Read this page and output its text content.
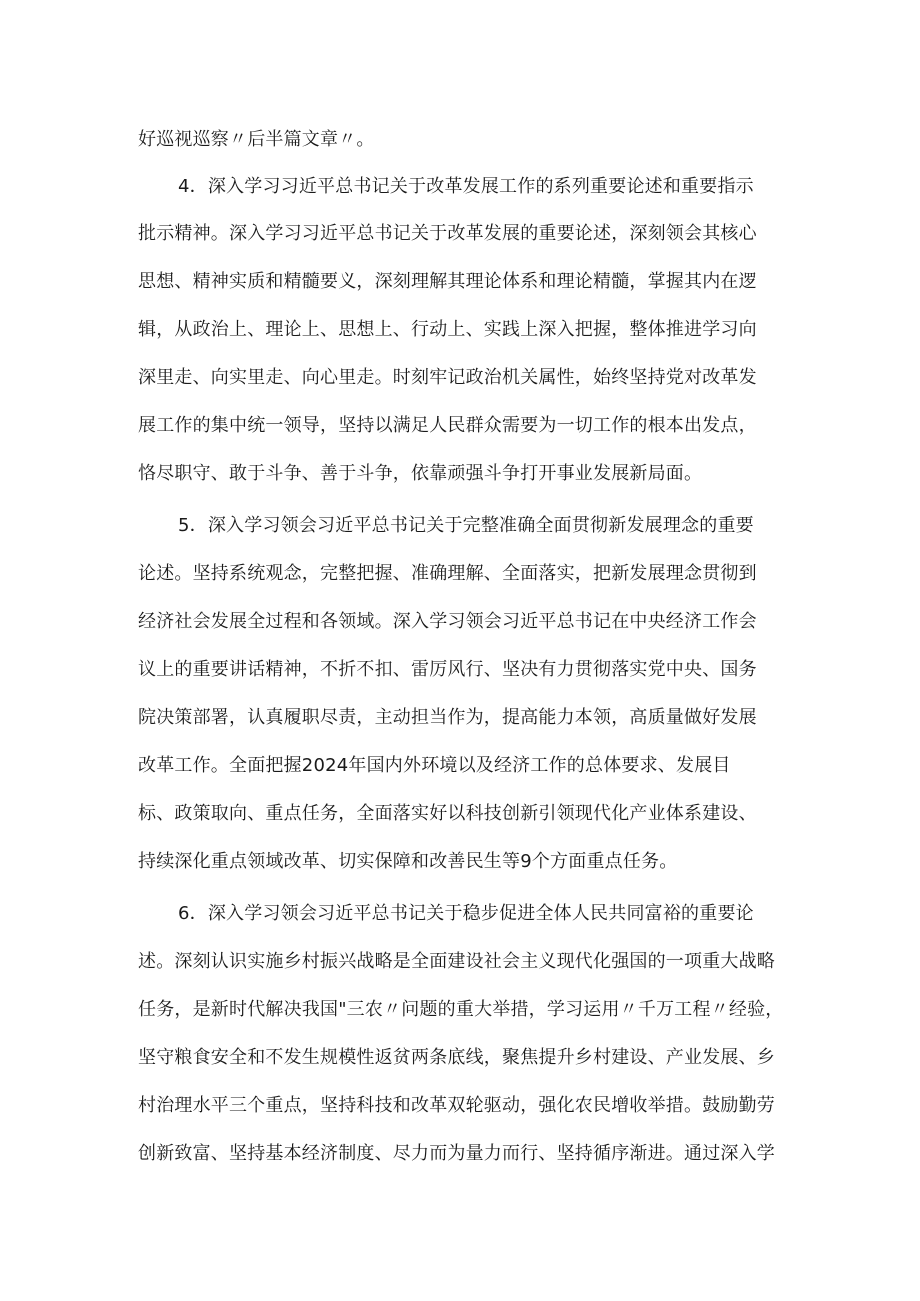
好巡视巡察〃后半篇文章〃。
4．深入学习习近平总书记关于改革发展工作的系列重要论述和重要指示
批示精神。深入学习习近平总书记关于改革发展的重要论述，深刻领会其核心
思想、精神实质和精髓要义，深刻理解其理论体系和理论精髓，掌握其内在逻
辑，从政治上、理论上、思想上、行动上、实践上深入把握，整体推进学习向
深里走、向实里走、向心里走。时刻牢记政治机关属性，始终坚持党对改革发
展工作的集中统一领导，坚持以满足人民群众需要为一切工作的根本出发点，
恪尽职守、敢于斗争、善于斗争，依靠顽强斗争打开事业发展新局面。
5．深入学习领会习近平总书记关于完整准确全面贯彻新发展理念的重要
论述。坚持系统观念，完整把握、准确理解、全面落实，把新发展理念贯彻到
经济社会发展全过程和各领域。深入学习领会习近平总书记在中央经济工作会
议上的重要讲话精神，不折不扣、雷厉风行、坚决有力贯彻落实党中央、国务
院决策部署，认真履职尽责，主动担当作为，提高能力本领，高质量做好发展
改革工作。全面把握2024年国内外环境以及经济工作的总体要求、发展目
标、政策取向、重点任务，全面落实好以科技创新引领现代化产业体系建设、
持续深化重点领域改革、切实保障和改善民生等9个方面重点任务。
6．深入学习领会习近平总书记关于稳步促进全体人民共同富裕的重要论
述。深刻认识实施乡村振兴战略是全面建设社会主义现代化强国的一项重大战略
任务，是新时代解决我国"三农〃问题的重大举措，学习运用〃千万工程〃经验，
坚守粮食安全和不发生规模性返贫两条底线，聚焦提升乡村建设、产业发展、乡
村治理水平三个重点，坚持科技和改革双轮驱动，强化农民增收举措。鼓励勤劳
创新致富、坚持基本经济制度、尽力而为量力而行、坚持循序渐进。通过深入学
